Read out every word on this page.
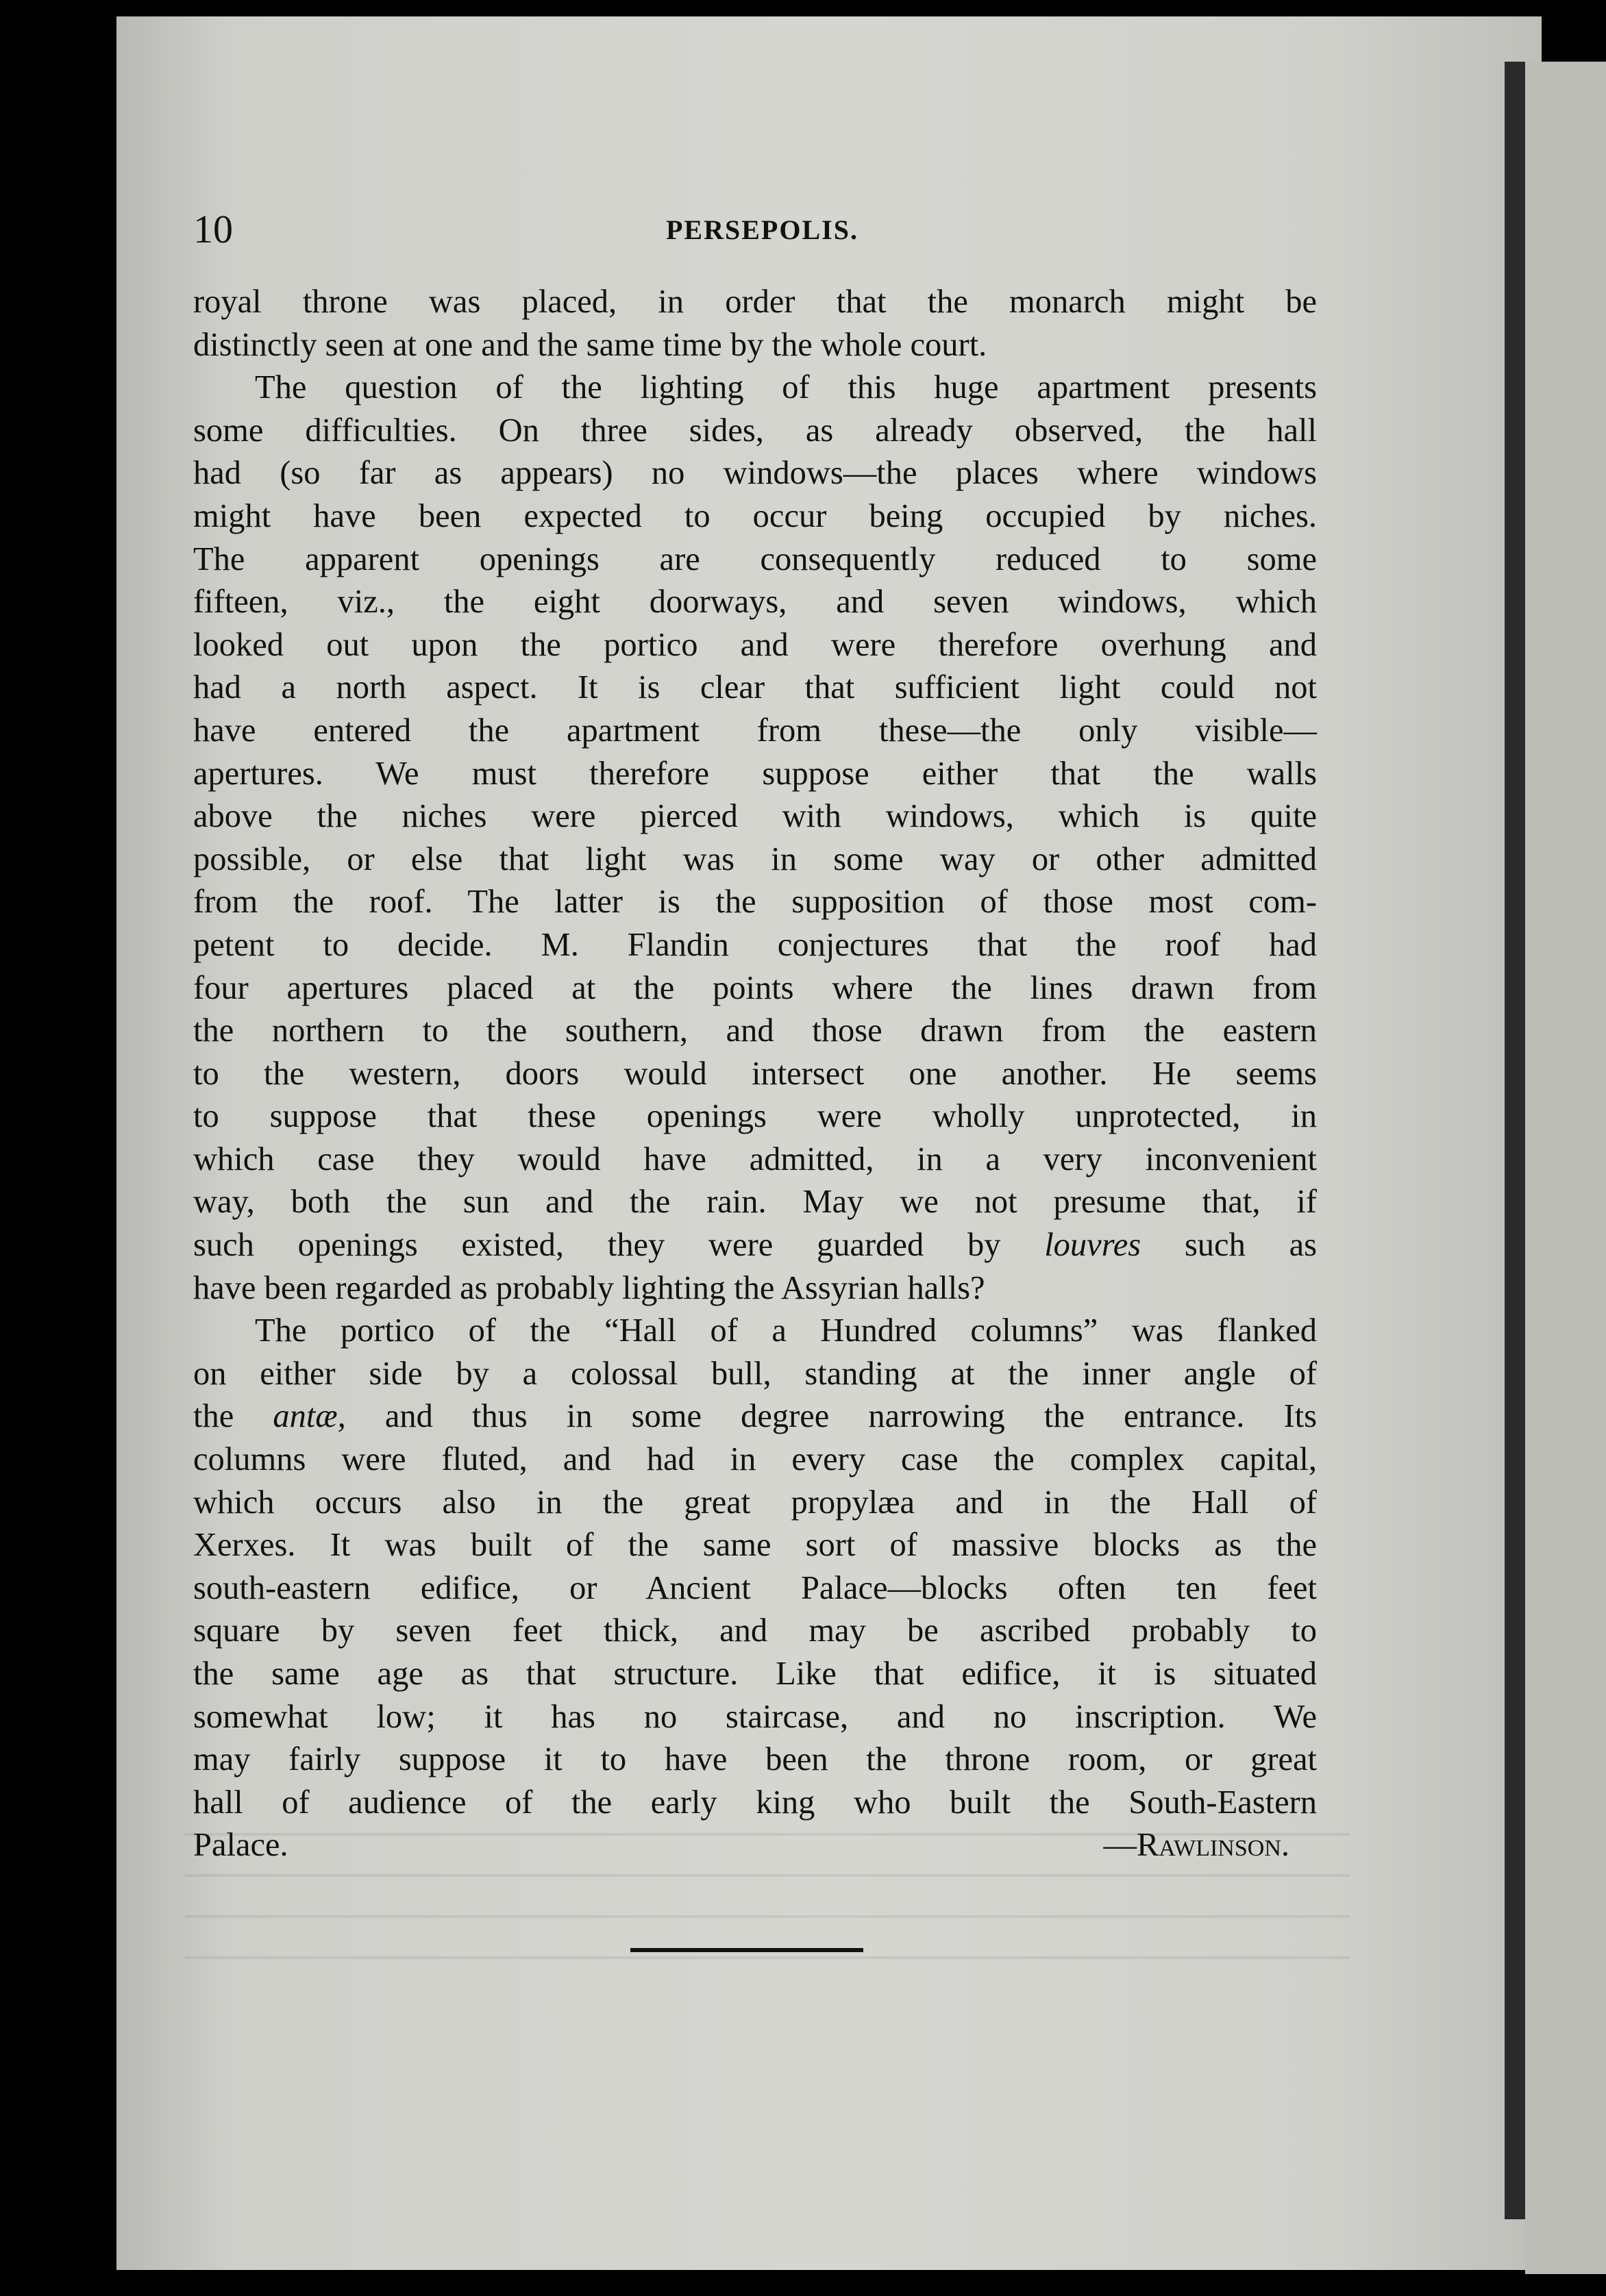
10	PERSEPOLIS.
royal throne was placed, in order that the monarch might be
distinctly seen at one and the same time by the whole court.
The question of the lighting of this huge apartment presents
some difficulties. On three sides, as already observed, the hall
had (so far as appears) no windows—the places where windows
might have been expected to occur being occupied by niches.
The apparent openings are consequently reduced to some
fifteen, viz., the eight doorways, and seven windows, which
looked out upon the portico and were therefore overhung and
had a north aspect. It is clear that sufficient light could not
have entered the apartment from these—the only visible—
apertures. We must therefore suppose either that the walls
above the niches were pierced with windows, which is quite
possible, or else that light was in some way or other admitted
from the roof. The latter is the supposition of those most com-
petent to decide. M. Flandin conjectures that the roof had
four apertures placed at the points where the lines drawn from
the northern to the southern, and those drawn from the eastern
to the western, doors would intersect one another. He seems
to suppose that these openings were wholly unprotected, in
which case they would have admitted, in a very inconvenient
way, both the sun and the rain. May we not presume that, if
such openings existed, they were guarded by louvres such as
have been regarded as probably lighting the Assyrian halls?
The portico of the “Hall of a Hundred columns” was flanked
on either side by a colossal bull, standing at the inner angle of
the antæ, and thus in some degree narrowing the entrance. Its
columns were fluted, and had in every case the complex capital,
which occurs also in the great propylæa and in the Hall of
Xerxes. It was built of the same sort of massive blocks as the
south-eastern edifice, or Ancient Palace—blocks often ten feet
square by seven feet thick, and may be ascribed probably to
the same age as that structure. Like that edifice, it is situated
somewhat low; it has no staircase, and no inscription. We
may fairly suppose it to have been the throne room, or great
hall of audience of the early king who built the South-Eastern
Palace.	—Rawlinson.
